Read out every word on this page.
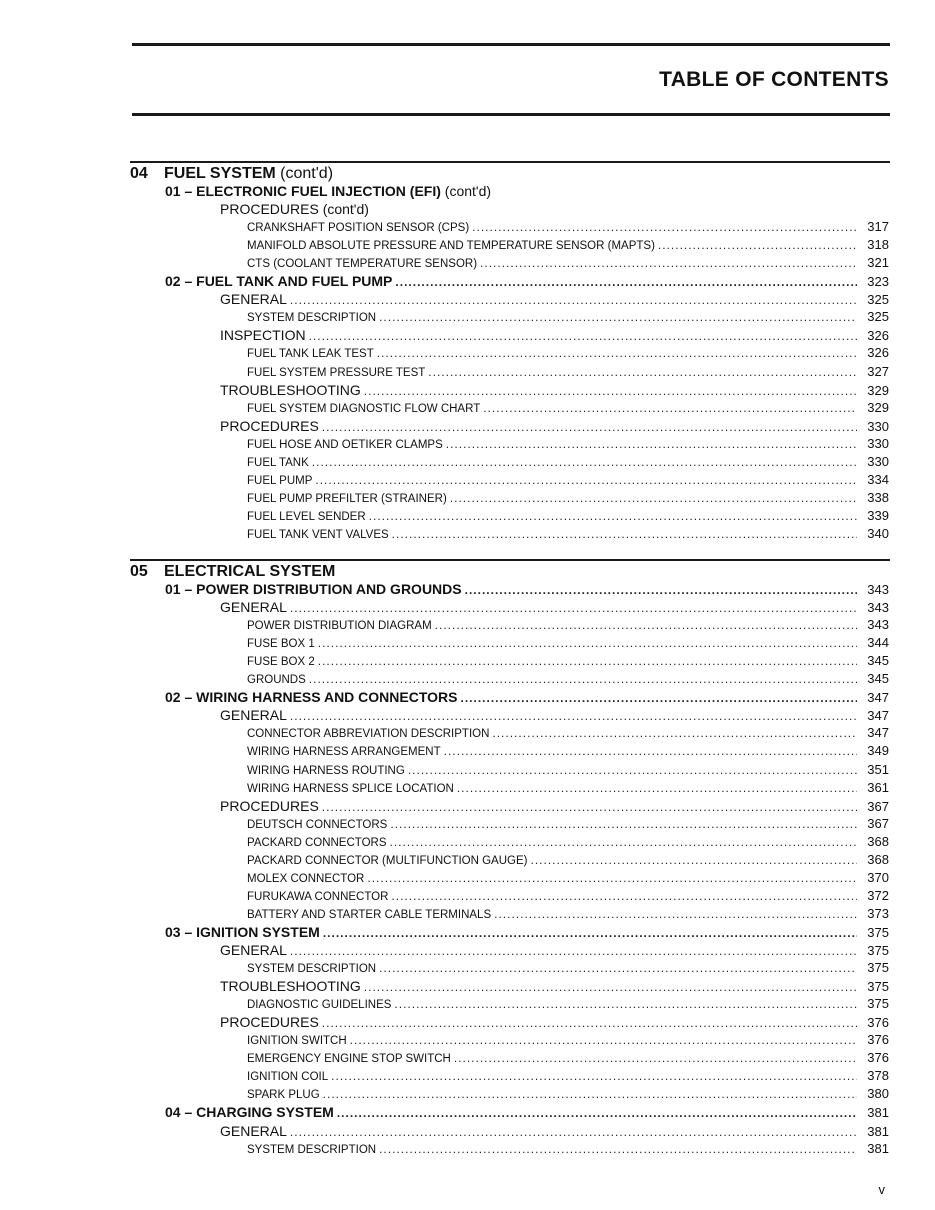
TABLE OF CONTENTS
04 FUEL SYSTEM (cont'd)
01 – ELECTRONIC FUEL INJECTION (EFI) (cont'd)
PROCEDURES (cont'd)
CRANKSHAFT POSITION SENSOR (CPS) .....	317
MANIFOLD ABSOLUTE PRESSURE AND TEMPERATURE SENSOR (MAPTS) .....	318
CTS (COOLANT TEMPERATURE SENSOR) .....	321
02 – FUEL TANK AND FUEL PUMP .....	323
GENERAL .....	325
SYSTEM DESCRIPTION .....	325
INSPECTION .....	326
FUEL TANK LEAK TEST .....	326
FUEL SYSTEM PRESSURE TEST .....	327
TROUBLESHOOTING .....	329
FUEL SYSTEM DIAGNOSTIC FLOW CHART .....	329
PROCEDURES .....	330
FUEL HOSE AND OETIKER CLAMPS .....	330
FUEL TANK .....	330
FUEL PUMP .....	334
FUEL PUMP PREFILTER (STRAINER) .....	338
FUEL LEVEL SENDER .....	339
FUEL TANK VENT VALVES .....	340
05 ELECTRICAL SYSTEM
01 – POWER DISTRIBUTION AND GROUNDS .....	343
GENERAL .....	343
POWER DISTRIBUTION DIAGRAM .....	343
FUSE BOX 1 .....	344
FUSE BOX 2 .....	345
GROUNDS .....	345
02 – WIRING HARNESS AND CONNECTORS .....	347
GENERAL .....	347
CONNECTOR ABBREVIATION DESCRIPTION .....	347
WIRING HARNESS ARRANGEMENT .....	349
WIRING HARNESS ROUTING .....	351
WIRING HARNESS SPLICE LOCATION .....	361
PROCEDURES .....	367
DEUTSCH CONNECTORS .....	367
PACKARD CONNECTORS .....	368
PACKARD CONNECTOR (MULTIFUNCTION GAUGE) .....	368
MOLEX CONNECTOR .....	370
FURUKAWA CONNECTOR .....	372
BATTERY AND STARTER CABLE TERMINALS .....	373
03 – IGNITION SYSTEM .....	375
GENERAL .....	375
SYSTEM DESCRIPTION .....	375
TROUBLESHOOTING .....	375
DIAGNOSTIC GUIDELINES .....	375
PROCEDURES .....	376
IGNITION SWITCH .....	376
EMERGENCY ENGINE STOP SWITCH .....	376
IGNITION COIL .....	378
SPARK PLUG .....	380
04 – CHARGING SYSTEM .....	381
GENERAL .....	381
SYSTEM DESCRIPTION .....	381
v
